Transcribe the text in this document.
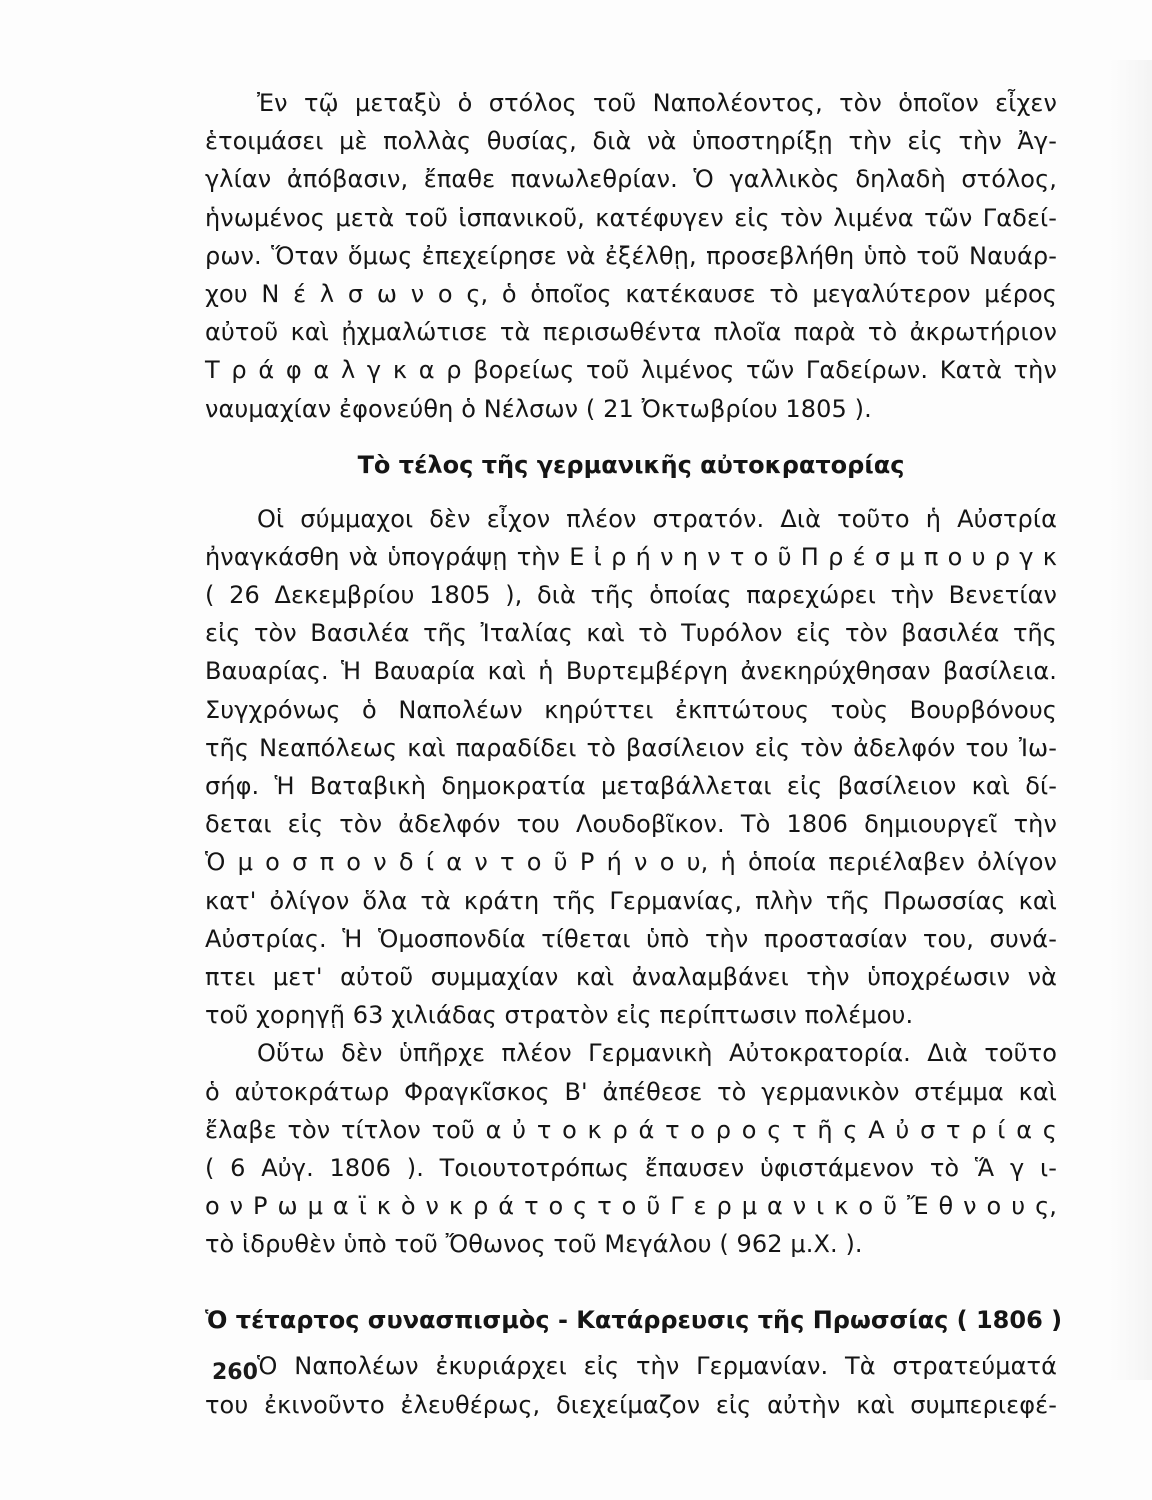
Ἐν τῷ μεταξὺ ὁ στόλος τοῦ Ναπολέοντος, τὸν ὁποῖον εἶχεν
ἑτοιμάσει μὲ πολλὰς θυσίας, διὰ νὰ ὑποστηρίξῃ τὴν εἰς τὴν Ἀγ-
γλίαν ἀπόβασιν, ἔπαθε πανωλεθρίαν. Ὁ γαλλικὸς δηλαδὴ στόλος,
ἡνωμένος μετὰ τοῦ ἱσπανικοῦ, κατέφυγεν εἰς τὸν λιμένα τῶν Γαδεί-
ρων. Ὅταν ὅμως ἐπεχείρησε νὰ ἐξέλθῃ, προσεβλήθη ὑπὸ τοῦ Ναυάρ-
χου Ν έ λ σ ω ν ο ς, ὁ ὁποῖος κατέκαυσε τὸ μεγαλύτερον μέρος
αὐτοῦ καὶ ᾐχμαλώτισε τὰ περισωθέντα πλοῖα παρὰ τὸ ἀκρωτήριον
Τ ρ ά φ α λ γ κ α ρ βορείως τοῦ λιμένος τῶν Γαδείρων. Κατὰ τὴν
ναυμαχίαν ἐφονεύθη ὁ Νέλσων ( 21 Ὀκτωβρίου 1805 ).
Τὸ τέλος τῆς γερμανικῆς αὐτοκρατορίας
Οἱ σύμμαχοι δὲν εἶχον πλέον στρατόν. Διὰ τοῦτο ἡ Αὐστρία
ἠναγκάσθη νὰ ὑπογράψῃ τὴν Ε ἰ ρ ή ν η ν τ ο ῦ Π ρ έ σ μ π ο υ ρ γ κ
( 26 Δεκεμβρίου 1805 ), διὰ τῆς ὁποίας παρεχώρει τὴν Βενετίαν
εἰς τὸν Βασιλέα τῆς Ἰταλίας καὶ τὸ Τυρόλον εἰς τὸν βασιλέα τῆς
Βαυαρίας. Ἡ Βαυαρία καὶ ἡ Βυρτεμβέργη ἀνεκηρύχθησαν βασίλεια.
Συγχρόνως ὁ Ναπολέων κηρύττει ἐκπτώτους τοὺς Βουρβόνους
τῆς Νεαπόλεως καὶ παραδίδει τὸ βασίλειον εἰς τὸν ἀδελφόν του Ἰω-
σήφ. Ἡ Βαταβικὴ δημοκρατία μεταβάλλεται εἰς βασίλειον καὶ δί-
δεται εἰς τὸν ἀδελφόν του Λουδοβῖκον. Τὸ 1806 δημιουργεῖ τὴν
Ὁ μ ο σ π ο ν δ ί α ν τ ο ῦ Ρ ή ν ο υ, ἡ ὁποία περιέλαβεν ὀλίγον
κατ' ὀλίγον ὅλα τὰ κράτη τῆς Γερμανίας, πλὴν τῆς Πρωσσίας καὶ
Αὐστρίας. Ἡ Ὁμοσπονδία τίθεται ὑπὸ τὴν προστασίαν του, συνά-
πτει μετ' αὐτοῦ συμμαχίαν καὶ ἀναλαμβάνει τὴν ὑποχρέωσιν νὰ
τοῦ χορηγῇ 63 χιλιάδας στρατὸν εἰς περίπτωσιν πολέμου.
Οὕτω δὲν ὑπῆρχε πλέον Γερμανικὴ Αὐτοκρατορία. Διὰ τοῦτο
ὁ αὐτοκράτωρ Φραγκῖσκος Β' ἀπέθεσε τὸ γερμανικὸν στέμμα καὶ
ἔλαβε τὸν τίτλον τοῦ α ὐ τ ο κ ρ ά τ ο ρ ο ς τ ῆ ς Α ὐ σ τ ρ ί α ς
( 6 Αὐγ. 1806 ). Τοιουτοτρόπως ἔπαυσεν ὑφιστάμενον τὸ Ἅ γ ι-
ο ν Ρ ω μ α ϊ κ ὸ ν κ ρ ά τ ο ς τ ο ῦ Γ ε ρ μ α ν ι κ ο ῦ Ἔ θ ν ο υ ς,
τὸ ἱδρυθὲν ὑπὸ τοῦ Ὄθωνος τοῦ Μεγάλου ( 962 μ.Χ. ).
Ὁ τέταρτος συνασπισμὸς - Κατάρρευσις τῆς Πρωσσίας ( 1806 )
Ὁ Ναπολέων ἐκυριάρχει εἰς τὴν Γερμανίαν. Τὰ στρατεύματά
του ἐκινοῦντο ἐλευθέρως, διεχείμαζον εἰς αὐτὴν καὶ συμπεριεφέ-
260
